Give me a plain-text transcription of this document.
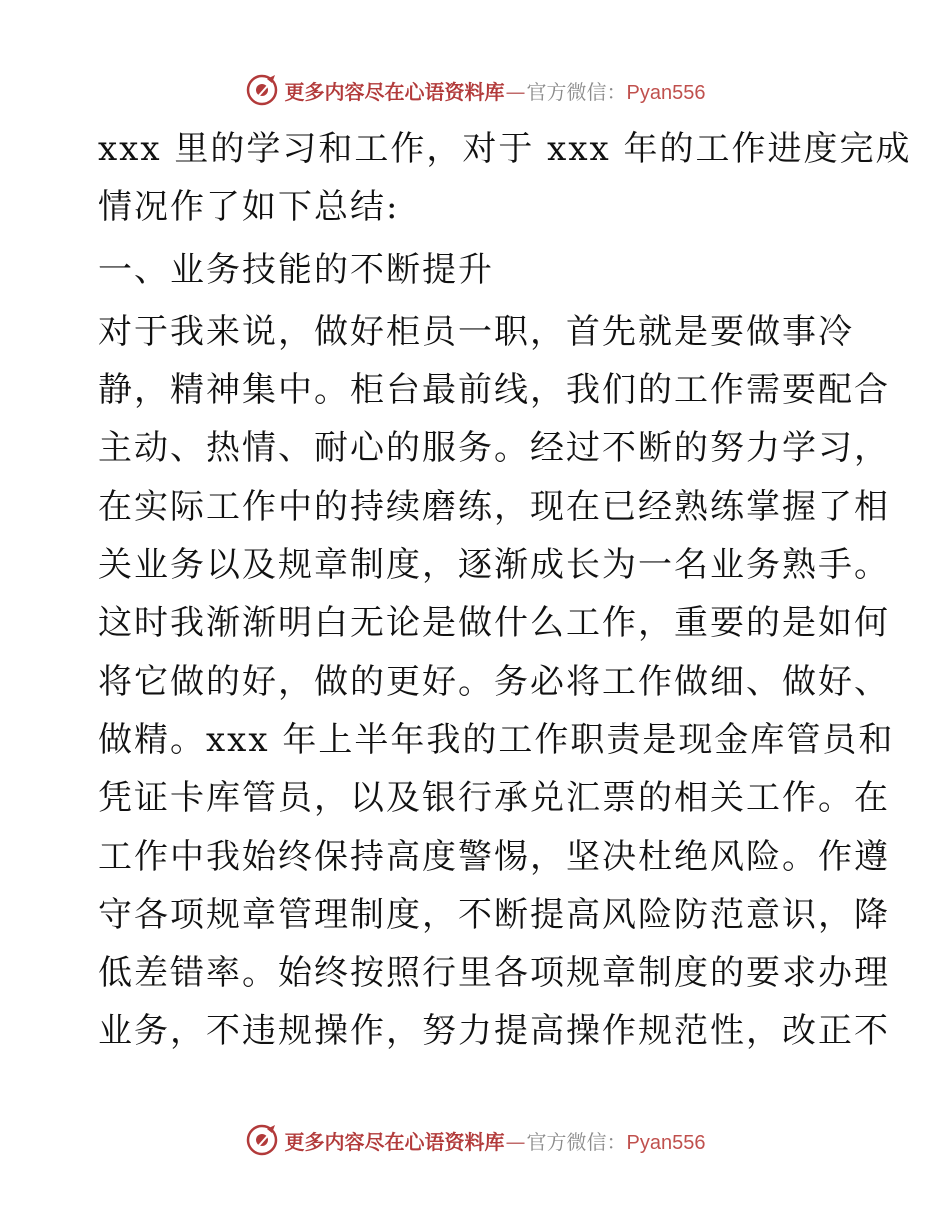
更多内容尽在心语资料库—官方微信：Pyan556
xxx 里的学习和工作，对于 xxx 年的工作进度完成
情况作了如下总结:
一、业务技能的不断提升
对于我来说，做好柜员一职，首先就是要做事冷
静，精神集中。柜台最前线，我们的工作需要配合
主动、热情、耐心的服务。经过不断的努力学习，
在实际工作中的持续磨练，现在已经熟练掌握了相
关业务以及规章制度，逐渐成长为一名业务熟手。
这时我渐渐明白无论是做什么工作，重要的是如何
将它做的好，做的更好。务必将工作做细、做好、
做精。xxx 年上半年我的工作职责是现金库管员和
凭证卡库管员，以及银行承兑汇票的相关工作。在
工作中我始终保持高度警惕，坚决杜绝风险。作遵
守各项规章管理制度，不断提高风险防范意识，降
低差错率。始终按照行里各项规章制度的要求办理
业务，不违规操作，努力提高操作规范性，改正不
更多内容尽在心语资料库—官方微信：Pyan556
